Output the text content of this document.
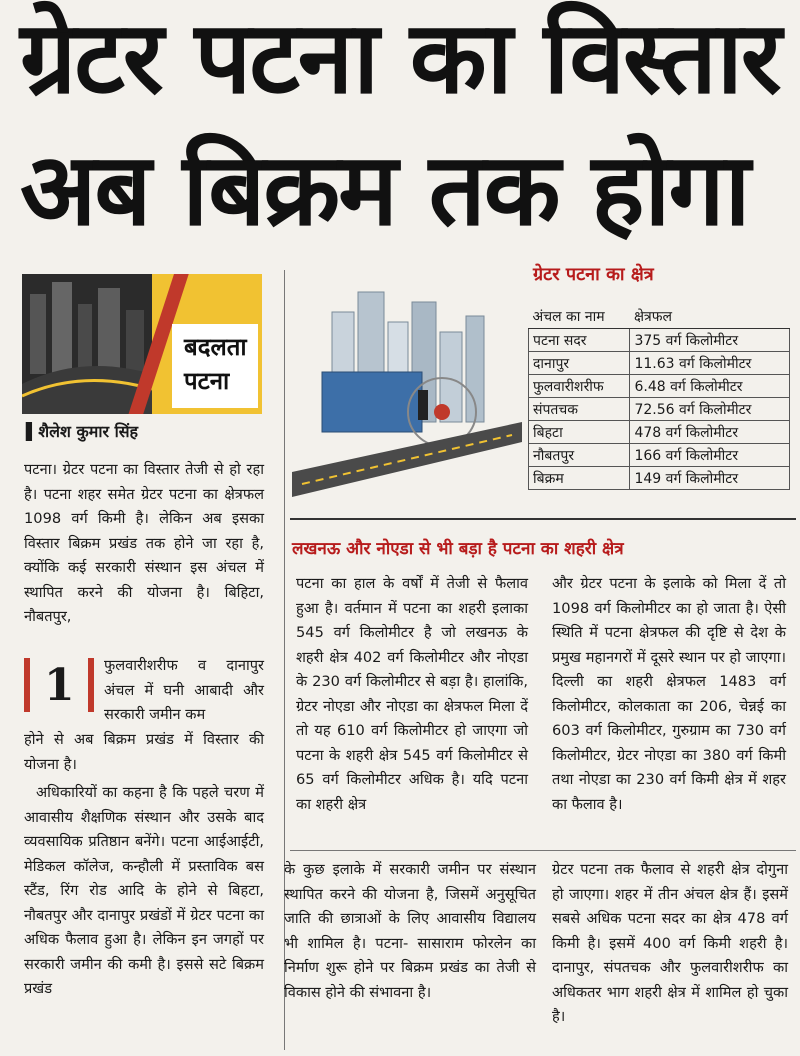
ग्रेटर पटना का विस्तार
अब बिक्रम तक होगा
बदलता
पटना
▌शैलेश कुमार सिंह

पटना। ग्रेटर पटना का विस्तार तेजी से हो रहा है। पटना शहर समेत ग्रेटर पटना का क्षेत्रफल 1098 वर्ग किमी है। लेकिन अब इसका विस्तार बिक्रम प्रखंड तक होने जा रहा है, क्योंकि कई सरकारी संस्थान इस अंचल में स्थापित करने की योजना है। बिहिटा, नौबतपुर,

1 फुलवारीशरीफ व दानापुर अंचल में घनी आबादी और सरकारी जमीन कम

होने से अब बिक्रम प्रखंड में विस्तार की योजना है।

अधिकारियों का कहना है कि पहले चरण में आवासीय शैक्षणिक संस्थान और उसके बाद व्यवसायिक प्रतिष्ठान बनेंगे। पटना आईआईटी, मेडिकल कॉलेज, कन्हौली में प्रस्ताविक बस स्टैंड, रिंग रोड आदि के होने से बिहटा, नौबतपुर और दानापुर प्रखंडों में ग्रेटर पटना का अधिक फैलाव हुआ है। लेकिन इन जगहों पर सरकारी जमीन की कमी है। इससे सटे बिक्रम प्रखंड

ग्रेटर पटना का क्षेत्र
अंचल का नाम	क्षेत्रफल
पटना सदर	375 वर्ग किलोमीटर
दानापुर	11.63 वर्ग किलोमीटर
फुलवारीशरीफ	6.48 वर्ग किलोमीटर
संपतचक	72.56 वर्ग किलोमीटर
बिहटा	478 वर्ग किलोमीटर
नौबतपुर	166 वर्ग किलोमीटर
बिक्रम	149 वर्ग किलोमीटर
लखनऊ और नोएडा से भी बड़ा है पटना का शहरी क्षेत्र

पटना का हाल के वर्षों में तेजी से फैलाव हुआ है। वर्तमान में पटना का शहरी इलाका 545 वर्ग किलोमीटर है जो लखनऊ के शहरी क्षेत्र 402 वर्ग किलोमीटर और नोएडा के 230 वर्ग किलोमीटर से बड़ा है। हालांकि, ग्रेटर नोएडा और नोएडा का क्षेत्रफल मिला दें तो यह 610 वर्ग किलोमीटर हो जाएगा जो पटना के शहरी क्षेत्र 545 वर्ग किलोमीटर से 65 वर्ग किलोमीटर अधिक है। यदि पटना का शहरी क्षेत्र

और ग्रेटर पटना के इलाके को मिला दें तो 1098 वर्ग किलोमीटर का हो जाता है। ऐसी स्थिति में पटना क्षेत्रफल की दृष्टि से देश के प्रमुख महानगरों में दूसरे स्थान पर हो जाएगा। दिल्ली का शहरी क्षेत्रफल 1483 वर्ग किलोमीटर, कोलकाता का 206, चेन्नई का 603 वर्ग किलोमीटर, गुरुग्राम का 730 वर्ग किलोमीटर, ग्रेटर नोएडा का 380 वर्ग किमी तथा नोएडा का 230 वर्ग किमी क्षेत्र में शहर का फैलाव है।

के कुछ इलाके में सरकारी जमीन पर संस्थान स्थापित करने की योजना है, जिसमें अनुसूचित जाति की छात्राओं के लिए आवासीय विद्यालय भी शामिल है। पटना- सासाराम फोरलेन का निर्माण शुरू होने पर बिक्रम प्रखंड का तेजी से विकास होने की संभावना है।

ग्रेटर पटना तक फैलाव से शहरी क्षेत्र दोगुना हो जाएगा। शहर में तीन अंचल क्षेत्र हैं। इसमें सबसे अधिक पटना सदर का क्षेत्र 478 वर्ग किमी है। इसमें 400 वर्ग किमी शहरी है। दानापुर, संपतचक और फुलवारीशरीफ का अधिकतर भाग शहरी क्षेत्र में शामिल हो चुका है।
